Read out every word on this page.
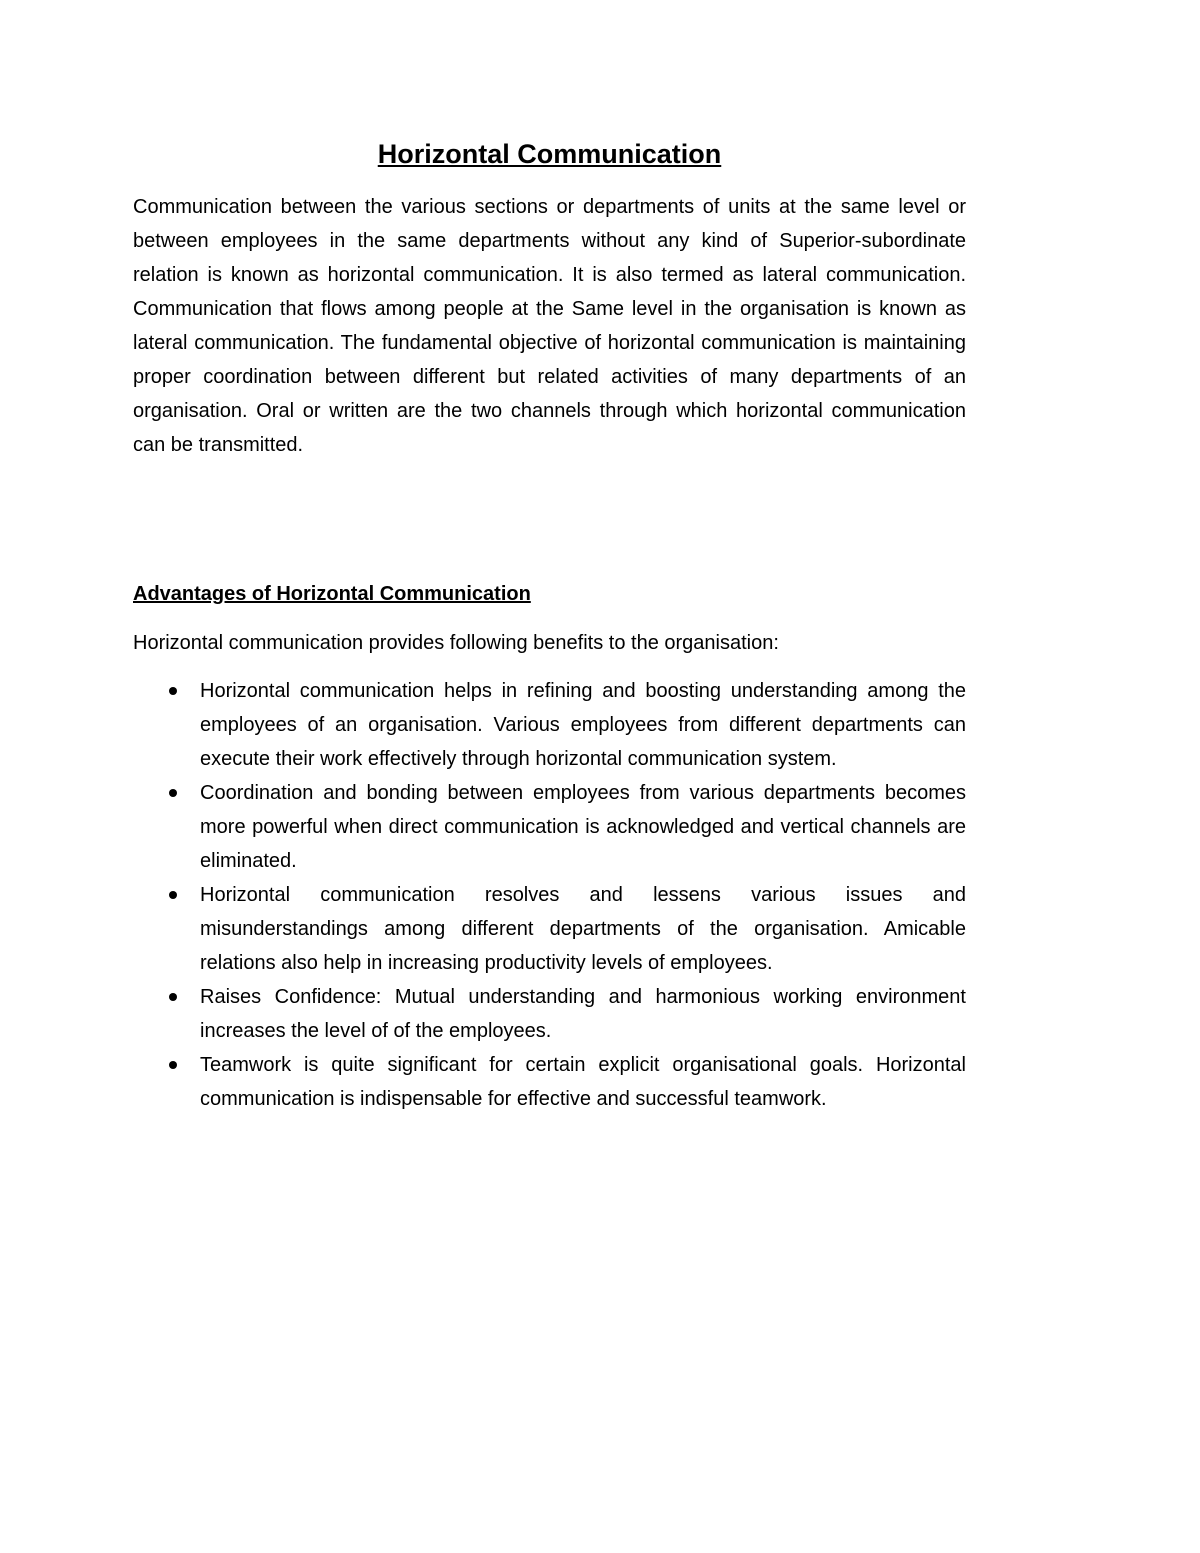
Horizontal Communication

Communication between the various sections or departments of units at the same level or between employees in the same departments without any kind of Superior-subordinate relation is known as horizontal communication. It is also termed as lateral communication. Communication that flows among people at the Same level in the organisation is known as lateral communication. The fundamental objective of horizontal communication is maintaining proper coordination between different but related activities of many departments of an organisation. Oral or written are the two channels through which horizontal communication can be transmitted.

Advantages of Horizontal Communication
Horizontal communication provides following benefits to the organisation:
Horizontal communication helps in refining and boosting understanding among the employees of an organisation. Various employees from different departments can execute their work effectively through horizontal communication system.
Coordination and bonding between employees from various departments becomes more powerful when direct communication is acknowledged and vertical channels are eliminated.
Horizontal communication resolves and lessens various issues and misunderstandings among different departments of the organisation. Amicable relations also help in increasing productivity levels of employees.
Raises Confidence: Mutual understanding and harmonious working environment increases the level of of the employees.
Teamwork is quite significant for certain explicit organisational goals. Horizontal communication is indispensable for effective and successful teamwork.
